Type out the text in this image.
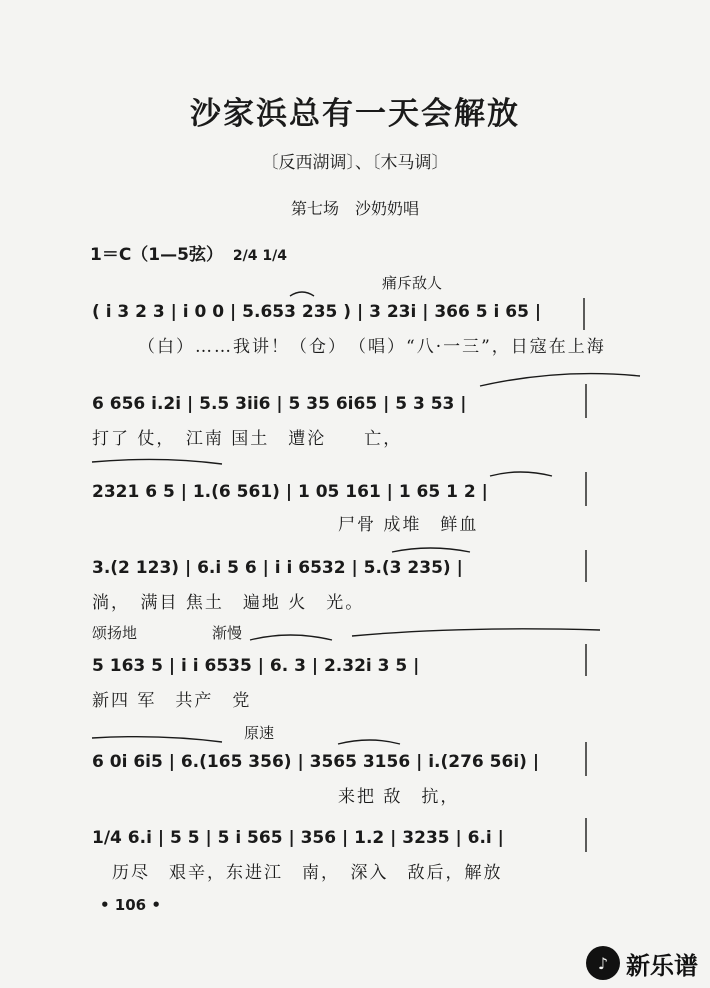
沙家浜总有一天会解放
〔反西湖调〕、〔木马调〕
第七场　沙奶奶唱
1＝C（1—5弦） 2/4 1/4
痛斥敌人
颂扬地	渐慢
原速
( i 3 2 3 | i 0 0 | 5.653 235 ) | 3 23i | 366 5 i 65 |
（白）……我讲！（仓）　（唱）“八·一三”，日寇在上海
6 656 i.2i | 5.5 3ii6 | 5 35 6i65 | 5 3 53 |
打了 仗，　江南 国土　遭沦　　亡，
2321 6 5 | 1.(6 561) | 1 05 161 | 1 65 1 2 |
尸骨 成堆　鲜血
3.(2 123) | 6.i 5 6 | i i 6532 | 5.(3 235) |
淌，　满目 焦土　遍地 火　光。
5 163 5 | i i 6535 | 6. 3 | 2.32i 3 5 |
新四 军　共产　党
6 0i 6i5 | 6.(165 356) | 3565 3156 | i.(276 56i) |
来把 敌　抗，
1/4 6.i | 5 5 | 5 i 565 | 356 | 1.2 | 3235 | 6.i |
历尽　艰辛，东进江　南，　深入　敌后，解放
• 106 •
♪ 新乐谱
